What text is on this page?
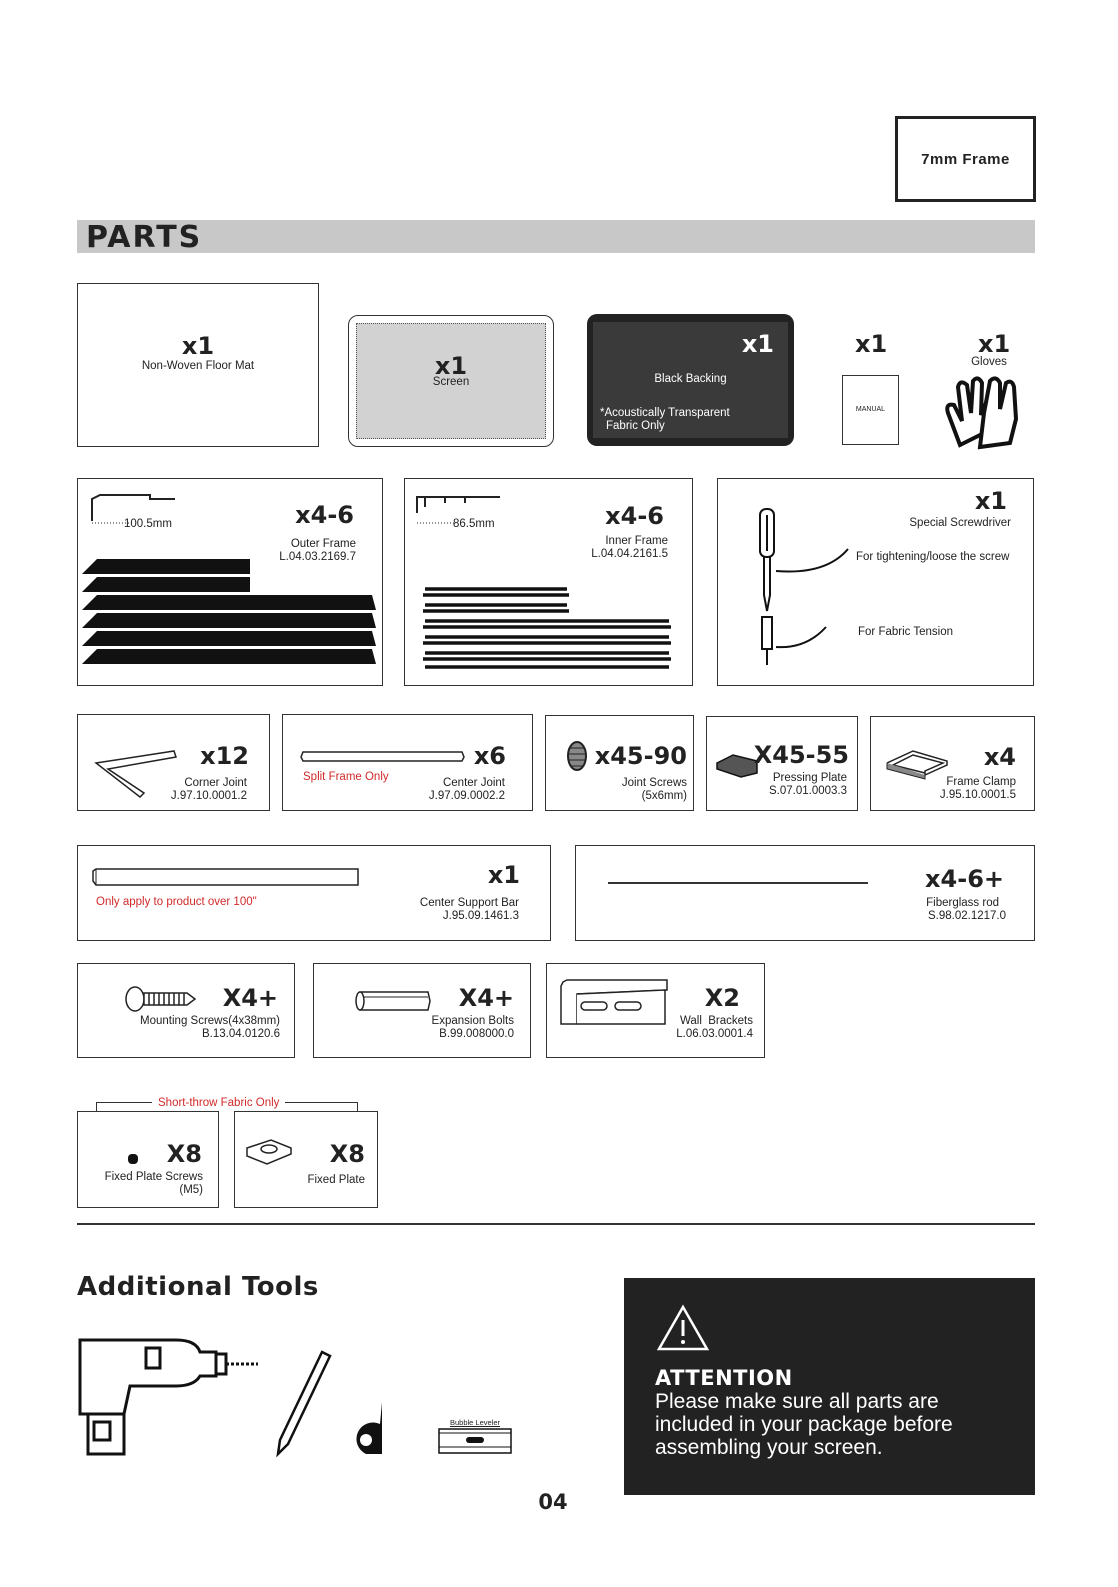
7mm Frame
PARTS
x1
Non-Woven Floor Mat	x1
Screen
x1
Black Backing
*Acoustically Transparent
Fabric Only
x1
MANUAL
x1
Gloves
100.5mm	x4-6
Outer Frame
L.04.03.2169.7
86.5mm	x4-6
Inner Frame
L.04.04.2161.5
x1
Special Screwdriver
For tightening/loose the screw
For Fabric Tension
x12
Corner Joint
J.97.10.0001.2
Split Frame Only
x6
Center Joint
J.97.09.0002.2
x45-90
Joint Screws
(5x6mm)
X45-55
Pressing Plate
S.07.01.0003.3
x4
Frame Clamp
J.95.10.0001.5
Only apply to product over 100"
x1
Center Support Bar
J.95.09.1461.3
x4-6+
Fiberglass rod
S.98.02.1217.0
X4+
Mounting Screws(4x38mm)
B.13.04.0120.6
X4+
Expansion Bolts
B.99.008000.0
X2
Wall  Brackets
L.06.03.0001.4
Short-throw Fabric Only
X8
Fixed Plate Screws
(M5)
X8
Fixed Plate
Additional Tools
Bubble Leveler
ATTENTION
Please make sure all parts are included in your package before assembling your screen.
04
